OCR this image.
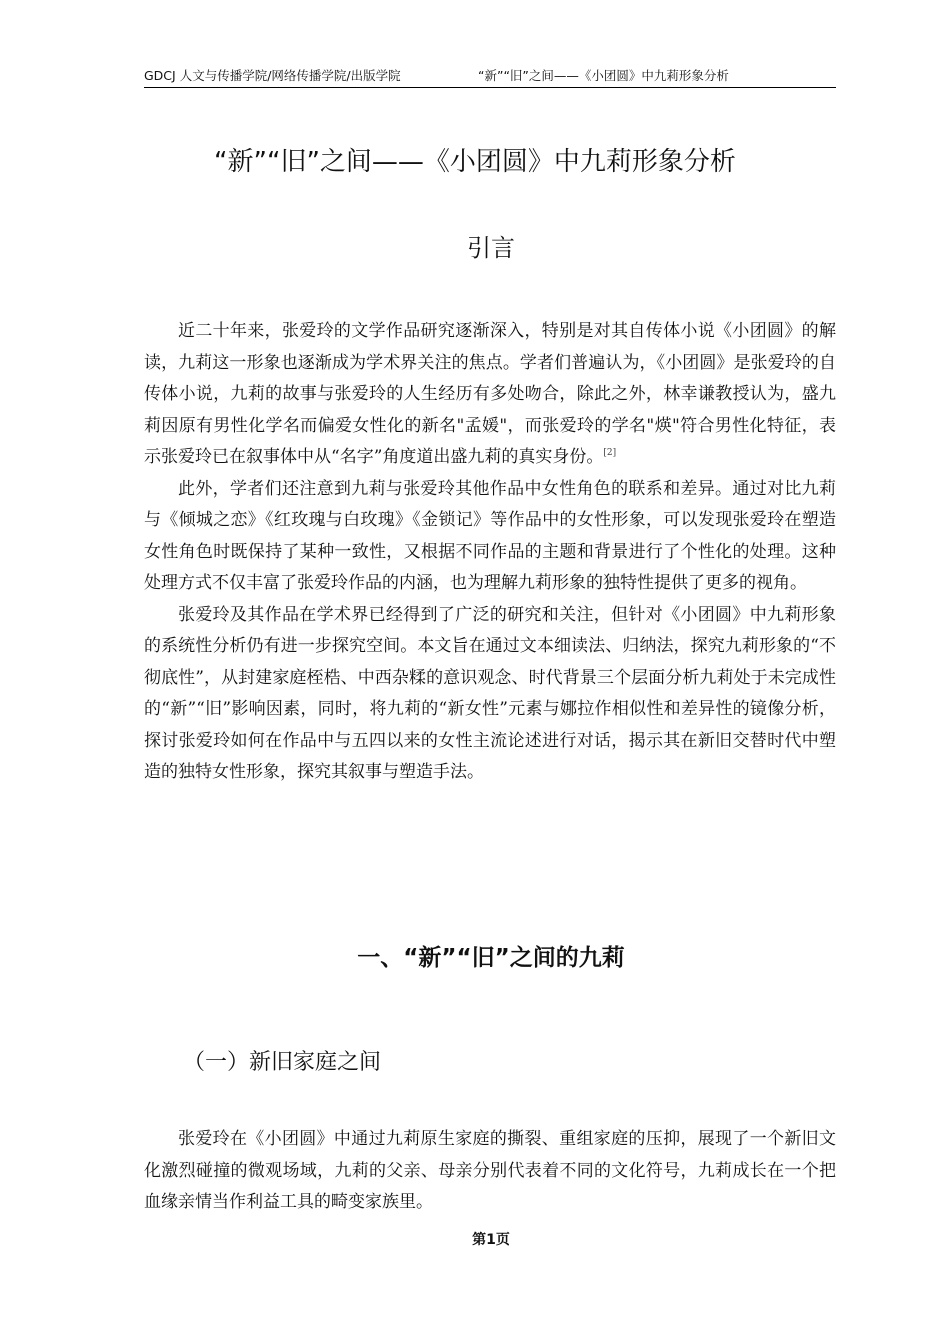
GDCJ 人文与传播学院/网络传播学院/出版学院	“新”“旧”之间——《小团圆》中九莉形象分析
“新”“旧”之间——《小团圆》中九莉形象分析
引言

近二十年来，张爱玲的文学作品研究逐渐深入，特别是对其自传体小说《小团圆》的解读，九莉这一形象也逐渐成为学术界关注的焦点。学者们普遍认为，《小团圆》是张爱玲的自传体小说，九莉的故事与张爱玲的人生经历有多处吻合，除此之外，林幸谦教授认为，盛九莉因原有男性化学名而偏爱女性化的新名"孟媛"，而张爱玲的学名"煐"符合男性化特征，表示张爱玲已在叙事体中从“名字”角度道出盛九莉的真实身份。[2]

此外，学者们还注意到九莉与张爱玲其他作品中女性角色的联系和差异。通过对比九莉与《倾城之恋》《红玫瑰与白玫瑰》《金锁记》等作品中的女性形象，可以发现张爱玲在塑造女性角色时既保持了某种一致性，又根据不同作品的主题和背景进行了个性化的处理。这种处理方式不仅丰富了张爱玲作品的内涵，也为理解九莉形象的独特性提供了更多的视角。

张爱玲及其作品在学术界已经得到了广泛的研究和关注，但针对《小团圆》中九莉形象的系统性分析仍有进一步探究空间。本文旨在通过文本细读法、归纳法，探究九莉形象的“不彻底性”，从封建家庭桎梏、中西杂糅的意识观念、时代背景三个层面分析九莉处于未完成性的“新”“旧”影响因素，同时，将九莉的“新女性”元素与娜拉作相似性和差异性的镜像分析，探讨张爱玲如何在作品中与五四以来的女性主流论述进行对话，揭示其在新旧交替时代中塑造的独特女性形象，探究其叙事与塑造手法。

一、“新”“旧”之间的九莉
（一）新旧家庭之间

张爱玲在《小团圆》中通过九莉原生家庭的撕裂、重组家庭的压抑，展现了一个新旧文化激烈碰撞的微观场域，九莉的父亲、母亲分别代表着不同的文化符号，九莉成长在一个把血缘亲情当作利益工具的畸变家族里。

第1页
